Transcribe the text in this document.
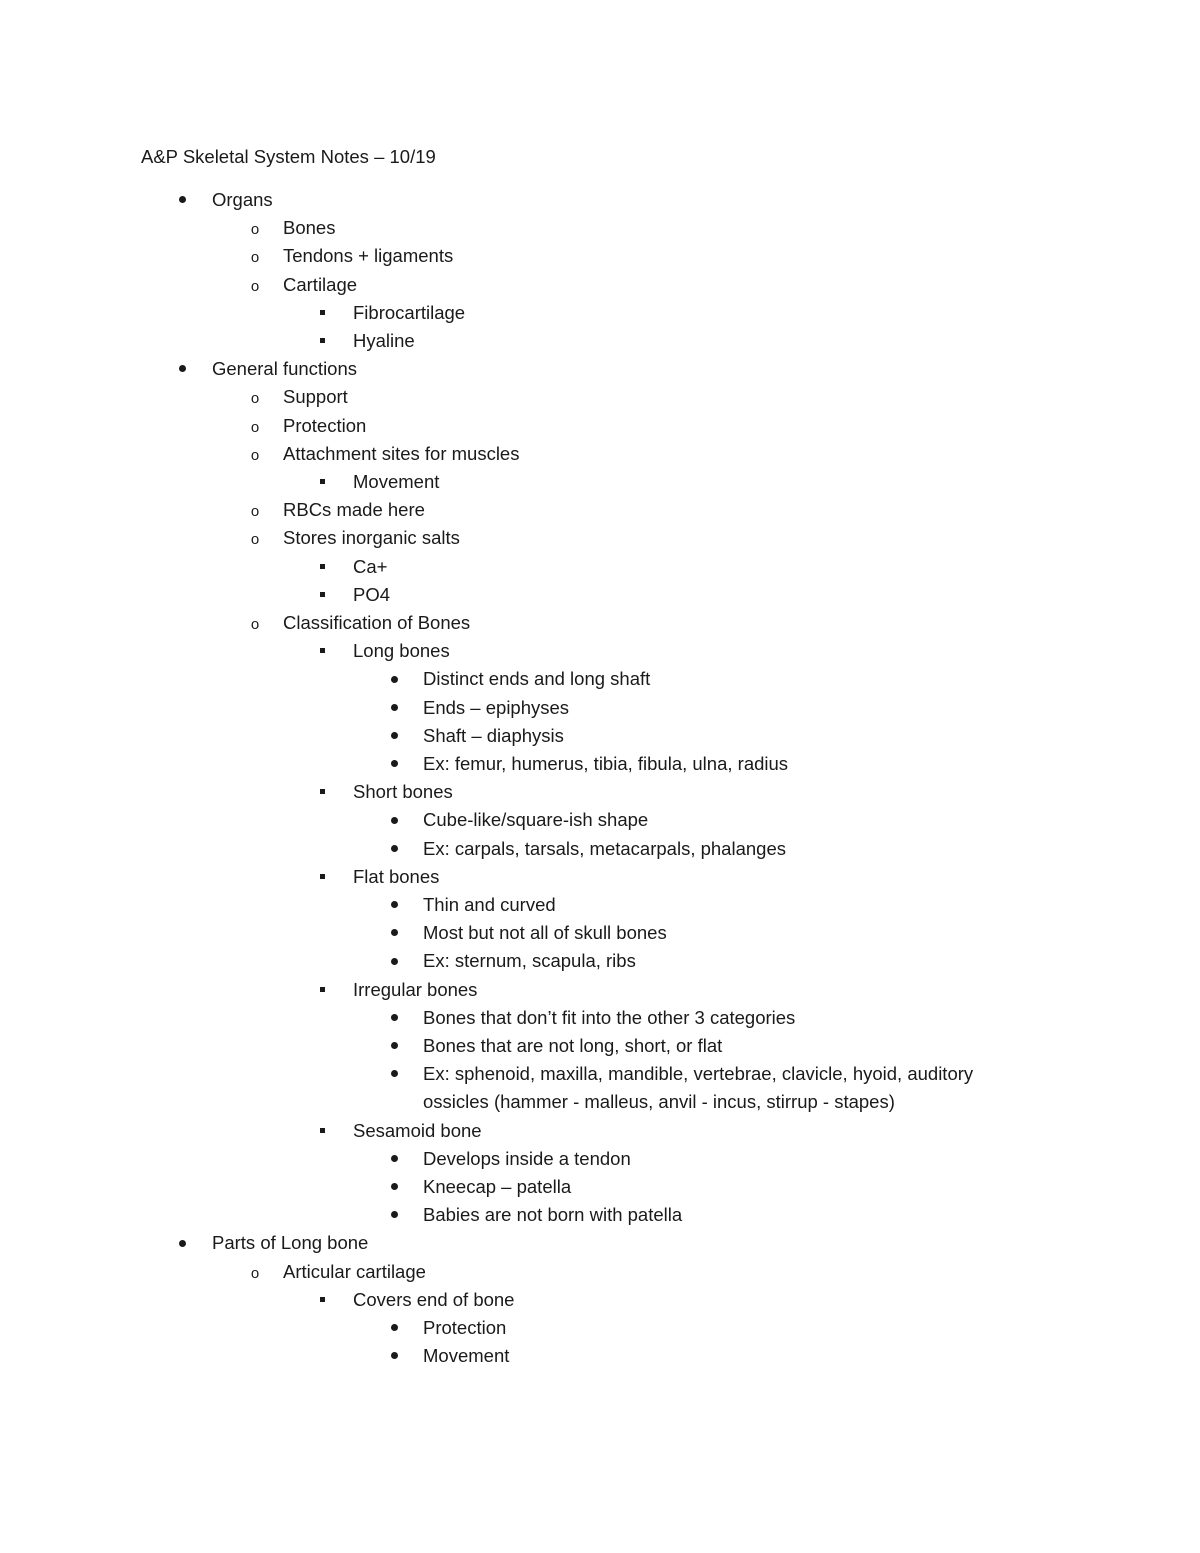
A&P Skeletal System Notes – 10/19
Organs
o	Bones
o	Tendons + ligaments
o	Cartilage
Fibrocartilage
Hyaline
General functions
o	Support
o	Protection
o	Attachment sites for muscles
Movement
o	RBCs made here
o	Stores inorganic salts
Ca+
PO4
o	Classification of Bones
Long bones
Distinct ends and long shaft
Ends – epiphyses
Shaft – diaphysis
Ex: femur, humerus, tibia, fibula, ulna, radius
Short bones
Cube-like/square-ish shape
Ex: carpals, tarsals, metacarpals, phalanges
Flat bones
Thin and curved
Most but not all of skull bones
Ex: sternum, scapula, ribs
Irregular bones
Bones that don’t fit into the other 3 categories
Bones that are not long, short, or flat
Ex: sphenoid, maxilla, mandible, vertebrae, clavicle, hyoid, auditory
ossicles (hammer - malleus, anvil - incus, stirrup - stapes)
Sesamoid bone
Develops inside a tendon
Kneecap – patella
Babies are not born with patella
Parts of Long bone
o	Articular cartilage
Covers end of bone
Protection
Movement
